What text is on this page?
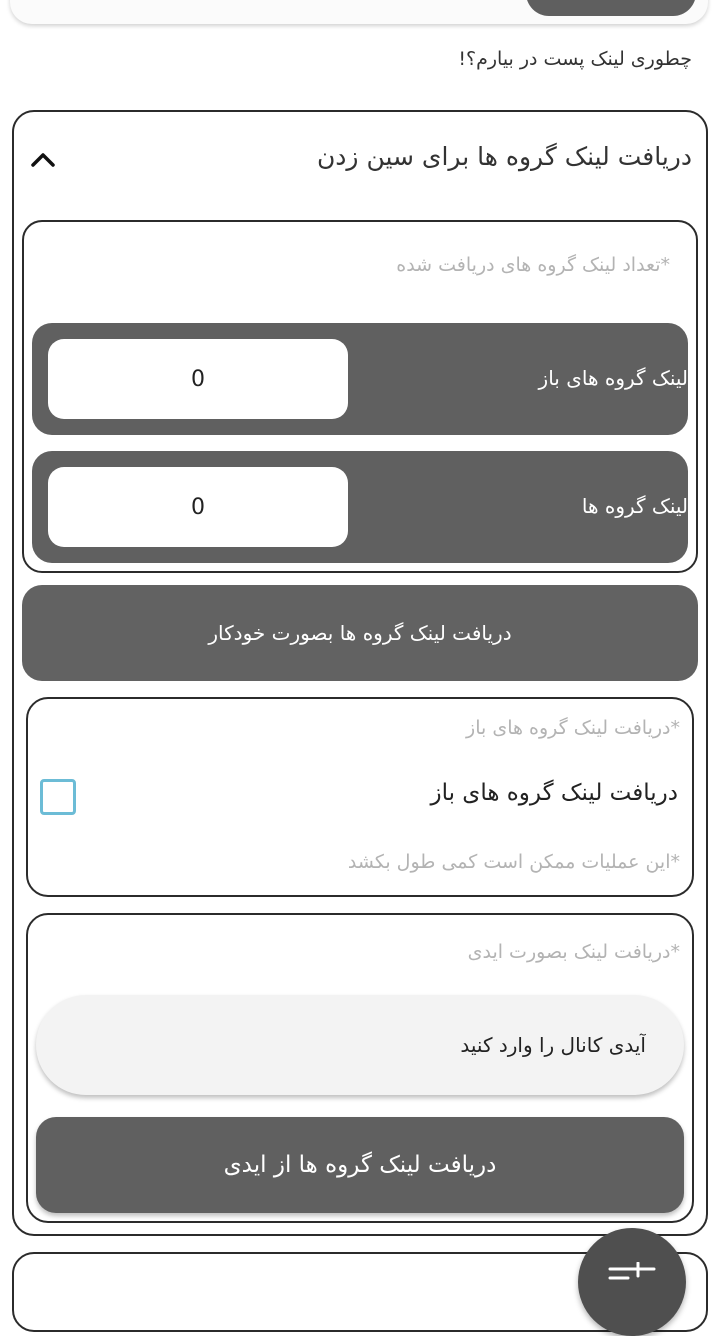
چطوری لینک پست در بیارم؟!
دریافت لینک گروه ها برای سین زدن
*تعداد لینک گروه های دریافت شده
لینک گروه های باز
0
لینک گروه ها
0
دریافت لینک گروه ها بصورت خودکار
*دریافت لینک گروه های باز
دریافت لینک گروه های باز
*این عملیات ممکن است کمی طول بکشد
*دریافت لینک بصورت ایدی
آیدی کانال را وارد کنید
دریافت لینک گروه ها از ایدی
